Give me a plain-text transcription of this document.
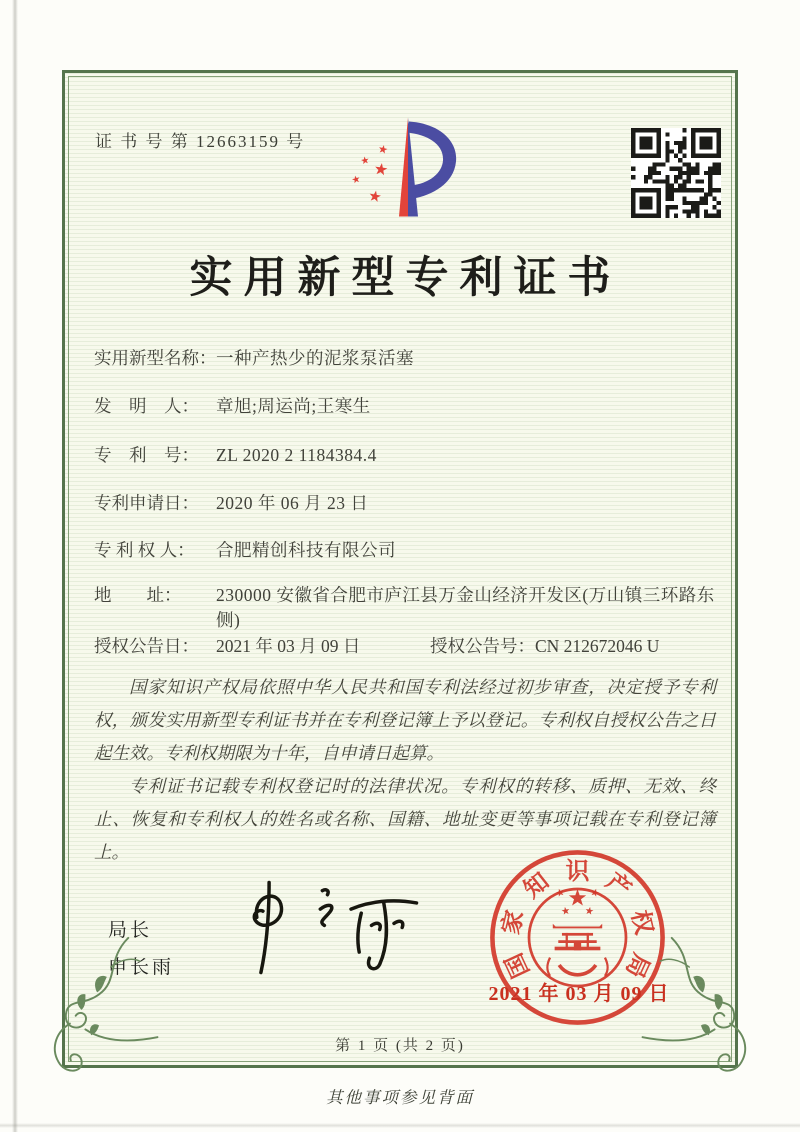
证 书 号 第 12663159 号
实用新型专利证书
实用新型名称：一种产热少的泥浆泵活塞
发　明　人： 章旭;周运尚;王寒生
专　利　号： ZL 2020 2 1184384.4
专利申请日： 2020 年 06 月 23 日
专 利 权 人： 合肥精创科技有限公司
地　　址： 230000 安徽省合肥市庐江县万金山经济开发区(万山镇三环路东侧)
授权公告日： 2021 年 03 月 09 日	授权公告号：CN 212672046 U

国家知识产权局依照中华人民共和国专利法经过初步审查，决定授予专利权，颁发实用新型专利证书并在专利登记簿上予以登记。专利权自授权公告之日起生效。专利权期限为十年，自申请日起算。

专利证书记载专利权登记时的法律状况。专利权的转移、质押、无效、终止、恢复和专利权人的姓名或名称、国籍、地址变更等事项记载在专利登记簿上。

局长
申长雨	国
家
知 识 产
权
局
2021 年 03 月 09 日
第 1 页 (共 2 页)
其他事项参见背面
